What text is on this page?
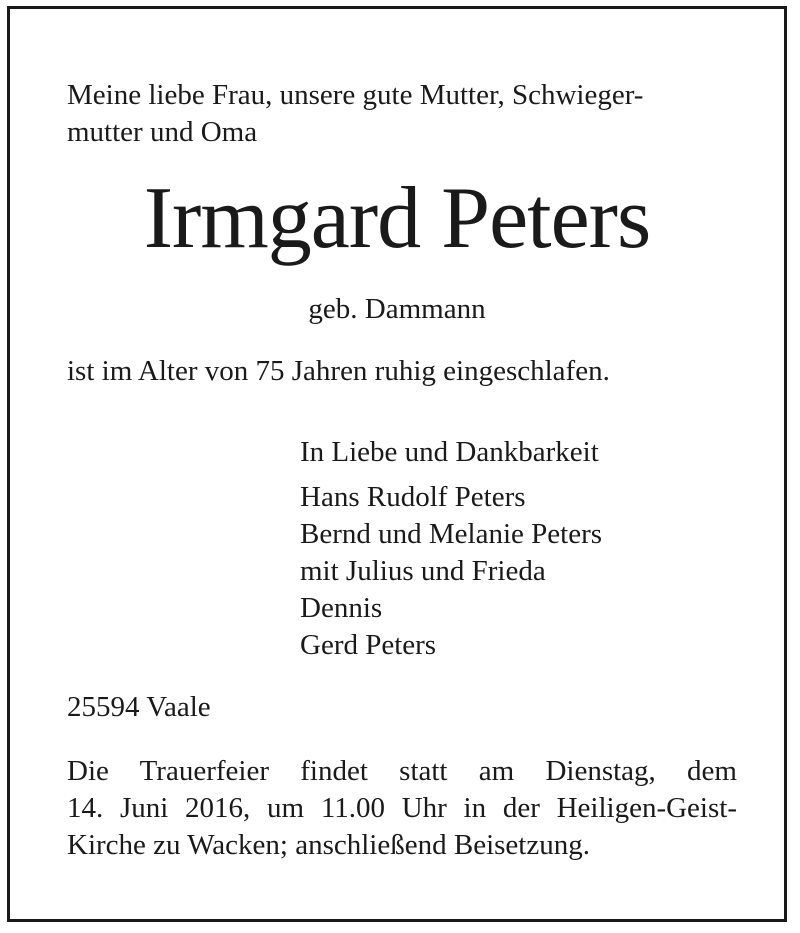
Meine liebe Frau, unsere gute Mutter, Schwieger-
mutter und Oma

Irmgard Peters

geb. Dammann

ist im Alter von 75 Jahren ruhig eingeschlafen.

In Liebe und Dankbarkeit
Hans Rudolf Peters
Bernd und Melanie Peters
mit Julius und Frieda
Dennis
Gerd Peters

25594 Vaale

Die Trauerfeier findet statt am Dienstag, dem
14. Juni 2016, um 11.00 Uhr in der Heiligen-Geist-
Kirche zu Wacken; anschließend Beisetzung.
